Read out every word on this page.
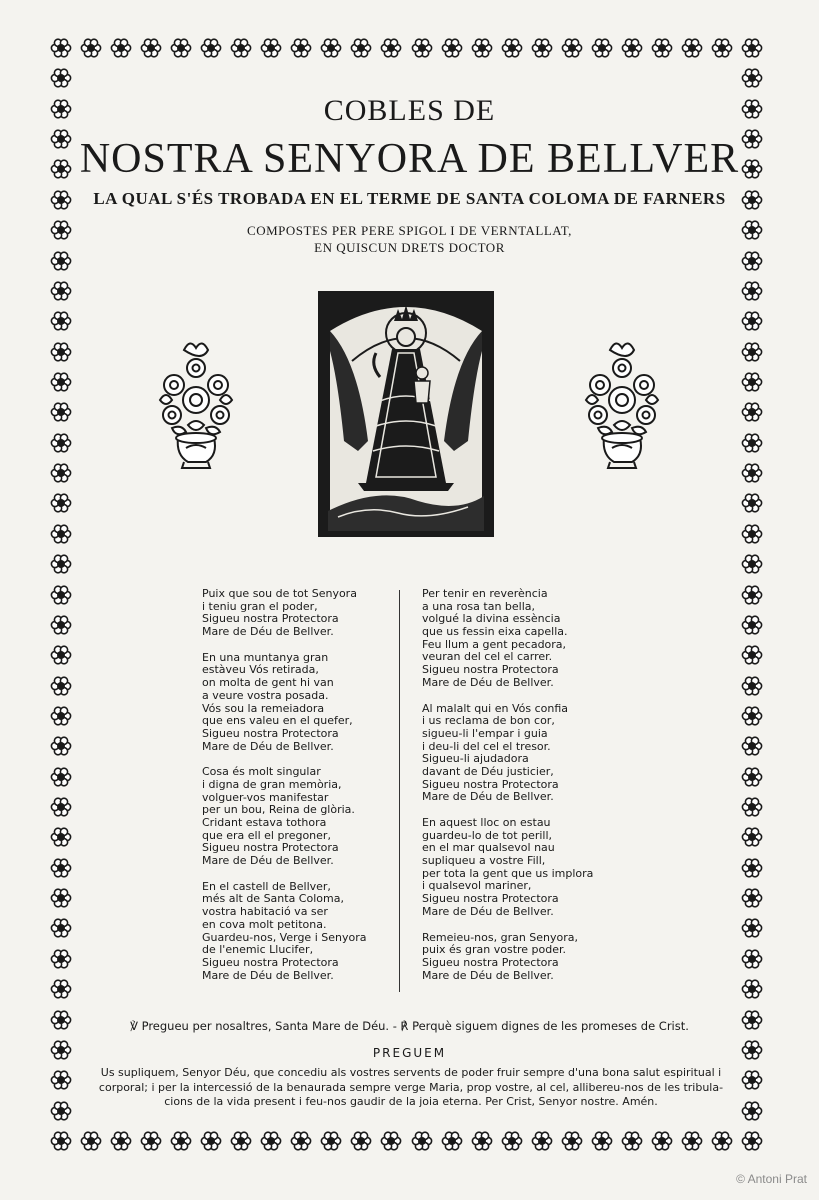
COBLES DE
NOSTRA SENYORA DE BELLVER
LA QUAL S'ÉS TROBADA EN EL TERME DE SANTA COLOMA DE FARNERS
COMPOSTES PER PERE SPIGOL I DE VERNTALLAT,
EN QUISCUN DRETS DOCTOR
Puix que sou de tot Senyora
i teniu gran el poder,
Sigueu nostra Protectora
Mare de Déu de Bellver.
En una muntanya gran
estàveu Vós retirada,
on molta de gent hi van
a veure vostra posada.
Vós sou la remeiadora
que ens valeu en el quefer,
Sigueu nostra Protectora
Mare de Déu de Bellver.
Cosa és molt singular
i digna de gran memòria,
volguer-vos manifestar
per un bou, Reina de glòria.
Cridant estava tothora
que era ell el pregoner,
Sigueu nostra Protectora
Mare de Déu de Bellver.
En el castell de Bellver,
més alt de Santa Coloma,
vostra habitació va ser
en cova molt petitona.
Guardeu-nos, Verge i Senyora
de l'enemic Llucifer,
Sigueu nostra Protectora
Mare de Déu de Bellver.
Per tenir en reverència
a una rosa tan bella,
volgué la divina essència
que us fessin eixa capella.
Feu llum a gent pecadora,
veuran del cel el carrer.
Sigueu nostra Protectora
Mare de Déu de Bellver.
Al malalt qui en Vós confia
i us reclama de bon cor,
sigueu-li l'empar i guia
i deu-li del cel el tresor.
Sigueu-li ajudadora
davant de Déu justicier,
Sigueu nostra Protectora
Mare de Déu de Bellver.
En aquest lloc on estau
guardeu-lo de tot perill,
en el mar qualsevol nau
supliqueu a vostre Fill,
per tota la gent que us implora
i qualsevol mariner,
Sigueu nostra Protectora
Mare de Déu de Bellver.
Remeieu-nos, gran Senyora,
puix és gran vostre poder.
Sigueu nostra Protectora
Mare de Déu de Bellver.
℣ Pregueu per nosaltres, Santa Mare de Déu. - ℟ Perquè siguem dignes de les promeses de Crist.
PREGUEM
Us supliquem, Senyor Déu, que concediu als vostres servents de poder fruir sempre d'una bona salut espiritual i
corporal; i per la intercessió de la benaurada sempre verge Maria, prop vostre, al cel, allibereu-nos de les tribula-
cions de la vida present i feu-nos gaudir de la joia eterna. Per Crist, Senyor nostre. Amén.
© Antoni Prat
